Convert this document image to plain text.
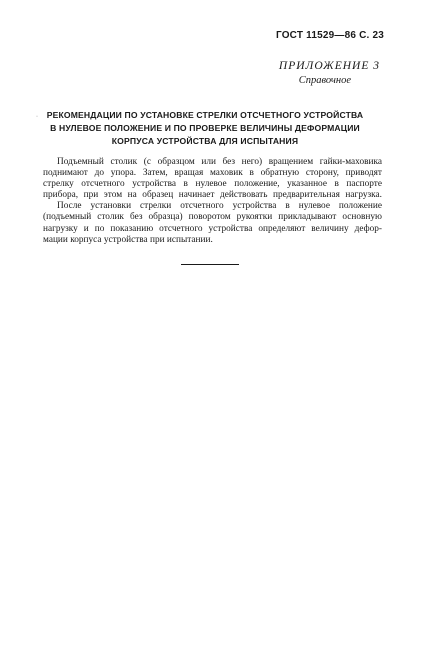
ГОСТ 11529—86 С. 23
ПРИЛОЖЕНИЕ 3
Справочное
·	РЕКОМЕНДАЦИИ ПО УСТАНОВКЕ СТРЕЛКИ ОТСЧЕТНОГО УСТРОЙСТВА
В НУЛЕВОЕ ПОЛОЖЕНИЕ И ПО ПРОВЕРКЕ ВЕЛИЧИНЫ ДЕФОРМАЦИИ
КОРПУСА УСТРОЙСТВА ДЛЯ ИСПЫТАНИЯ
Подъемный столик (с образцом или без него) вращением гайки-маховика
поднимают до упора. Затем, вращая маховик в обратную сторону, приводят
стрелку отсчетного устройства в нулевое положение, указанное в паспорте
прибора, при этом на образец начинает действовать предварительная нагрузка.
После установки стрелки отсчетного устройства в нулевое положение
(подъемный столик без образца) поворотом рукоятки прикладывают основную
нагрузку и по показанию отсчетного устройства определяют величину дефор-
мации корпуса устройства при испытании.
